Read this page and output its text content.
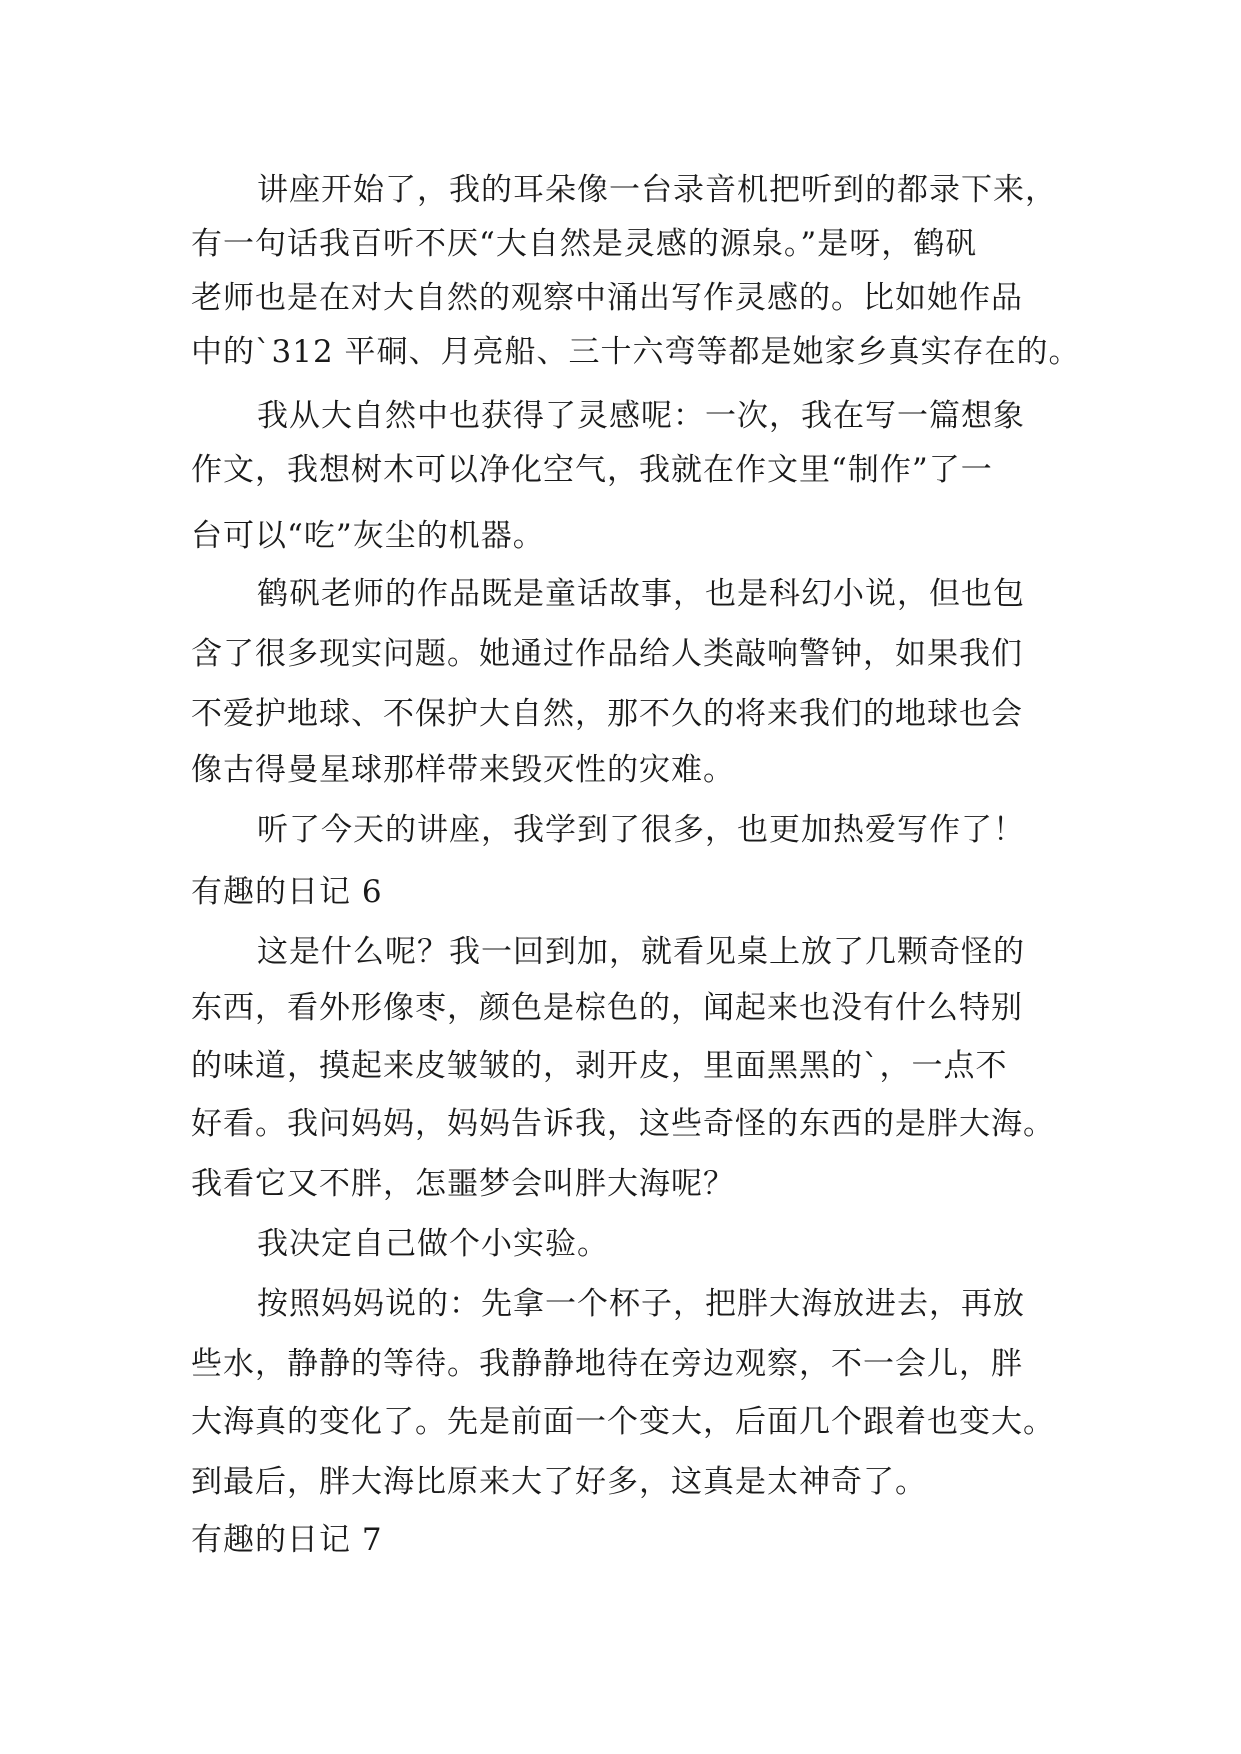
讲座开始了，我的耳朵像一台录音机把听到的都录下来，
有一句话我百听不厌“大自然是灵感的源泉。”是呀，鹤矾
老师也是在对大自然的观察中涌出写作灵感的。比如她作品
中的`312 平硐、月亮船、三十六弯等都是她家乡真实存在的。
我从大自然中也获得了灵感呢：一次，我在写一篇想象
作文，我想树木可以净化空气，我就在作文里“制作”了一
台可以“吃”灰尘的机器。
鹤矾老师的作品既是童话故事，也是科幻小说，但也包
含了很多现实问题。她通过作品给人类敲响警钟，如果我们
不爱护地球、不保护大自然，那不久的将来我们的地球也会
像古得曼星球那样带来毁灭性的灾难。
听了今天的讲座，我学到了很多，也更加热爱写作了！
有趣的日记 6
这是什么呢？我一回到加，就看见桌上放了几颗奇怪的
东西，看外形像枣，颜色是棕色的，闻起来也没有什么特别
的味道，摸起来皮皱皱的，剥开皮，里面黑黑的`，一点不
好看。我问妈妈，妈妈告诉我，这些奇怪的东西的是胖大海。
我看它又不胖，怎噩梦会叫胖大海呢？
我决定自己做个小实验。
按照妈妈说的：先拿一个杯子，把胖大海放进去，再放
些水，静静的等待。我静静地待在旁边观察，不一会儿，胖
大海真的变化了。先是前面一个变大，后面几个跟着也变大。
到最后，胖大海比原来大了好多，这真是太神奇了。
有趣的日记 7
